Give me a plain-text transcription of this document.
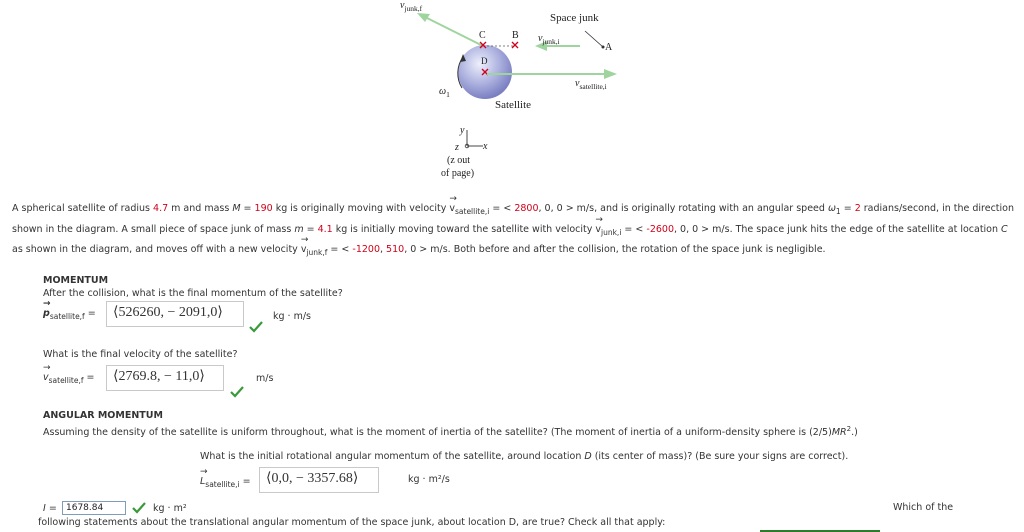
$v_{junk,f}$
C	B $v_{junk,i}$
Space junk
A
D
$v_{satellite,i}$
$\omega_1$
Satellite
y
z x
(z out
of page)
A spherical satellite of radius 4.7 m and mass M = 190 kg is originally moving with velocity → $v_{satellite,i}$ = < 2800, 0, 0 > m/s, and is originally rotating with an angular speed $\omega_1 = 2$ radians/second, in the direction shown in the diagram. A small piece of space junk of mass m = 4.1 kg is initially moving toward the satellite with velocity → $v_{junk,i}$ = < -2600, 0, 0 > m/s. The space junk hits the edge of the satellite at location C as shown in the diagram, and moves off with a new velocity → $v_{junk,f}$ = < -1200, 510, 0 > m/s. Both before and after the collision, the rotation of the space junk is negligible.
MOMENTUM
After the collision, what is the final momentum of the satellite?
→ $p_{satellite,f}$ =	⟨526260, − 2091,0⟩	kg · m/s
What is the final velocity of the satellite?
→ $v_{satellite,f}$ =	⟨2769.8, − 11,0⟩	m/s
ANGULAR MOMENTUM
Assuming the density of the satellite is uniform throughout, what is the moment of inertia of the satellite? (The moment of inertia of a uniform-density sphere is $(2/5)MR^2$.)
What is the initial rotational angular momentum of the satellite, around location D (its center of mass)? (Be sure your signs are correct).
→ $L_{satellite,i}$ =	⟨0,0, − 3357.68⟩	kg · m²/s
I =	1678.84	kg · m²	Which of the
following statements about the translational angular momentum of the space junk, about location D, are true? Check all that apply:
